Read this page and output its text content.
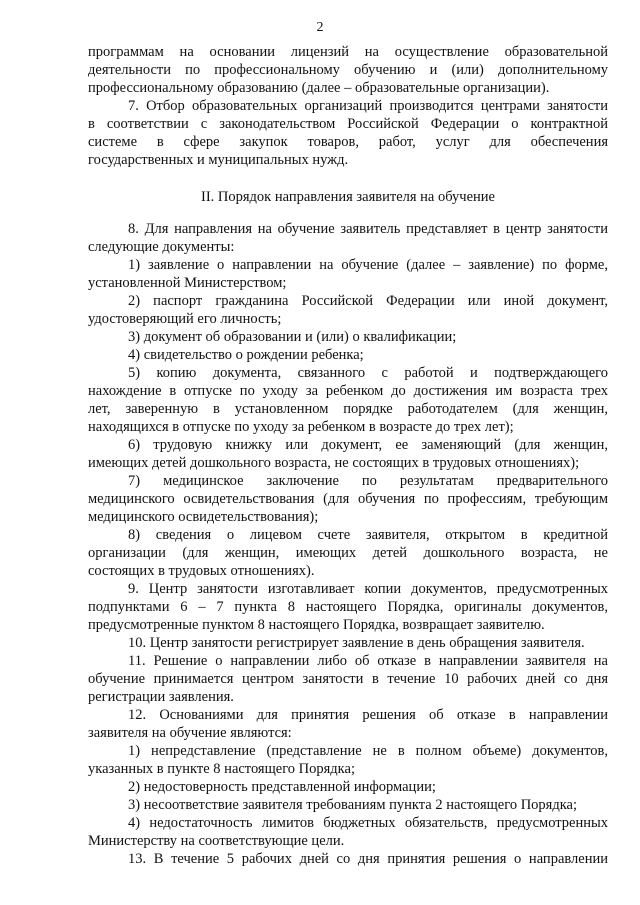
2
программам на основании лицензий на осуществление образовательной
деятельности по профессиональному обучению и (или) дополнительному
профессиональному образованию (далее – образовательные организации).
7. Отбор образовательных организаций производится центрами занятости
в соответствии с законодательством Российской Федерации о контрактной
системе в сфере закупок товаров, работ, услуг для обеспечения
государственных и муниципальных нужд.
II. Порядок направления заявителя на обучение
8. Для направления на обучение заявитель представляет в центр занятости
следующие документы:
1) заявление о направлении на обучение (далее – заявление) по форме,
установленной Министерством;
2) паспорт гражданина Российской Федерации или иной документ,
удостоверяющий его личность;
3) документ об образовании и (или) о квалификации;
4) свидетельство о рождении ребенка;
5) копию документа, связанного с работой и подтверждающего
нахождение в отпуске по уходу за ребенком до достижения им возраста трех
лет, заверенную в установленном порядке работодателем (для женщин,
находящихся в отпуске по уходу за ребенком в возрасте до трех лет);
6) трудовую книжку или документ, ее заменяющий (для женщин,
имеющих детей дошкольного возраста, не состоящих в трудовых отношениях);
7) медицинское заключение по результатам предварительного
медицинского освидетельствования (для обучения по профессиям, требующим
медицинского освидетельствования);
8) сведения о лицевом счете заявителя, открытом в кредитной
организации (для женщин, имеющих детей дошкольного возраста, не
состоящих в трудовых отношениях).
9. Центр занятости изготавливает копии документов, предусмотренных
подпунктами 6 – 7 пункта 8 настоящего Порядка, оригиналы документов,
предусмотренные пунктом 8 настоящего Порядка, возвращает заявителю.
10. Центр занятости регистрирует заявление в день обращения заявителя.
11. Решение о направлении либо об отказе в направлении заявителя на
обучение принимается центром занятости в течение 10 рабочих дней со дня
регистрации заявления.
12. Основаниями для принятия решения об отказе в направлении
заявителя на обучение являются:
1) непредставление (представление не в полном объеме) документов,
указанных в пункте 8 настоящего Порядка;
2) недостоверность представленной информации;
3) несоответствие заявителя требованиям пункта 2 настоящего Порядка;
4) недостаточность лимитов бюджетных обязательств, предусмотренных
Министерству на соответствующие цели.
13. В течение 5 рабочих дней со дня принятия решения о направлении
